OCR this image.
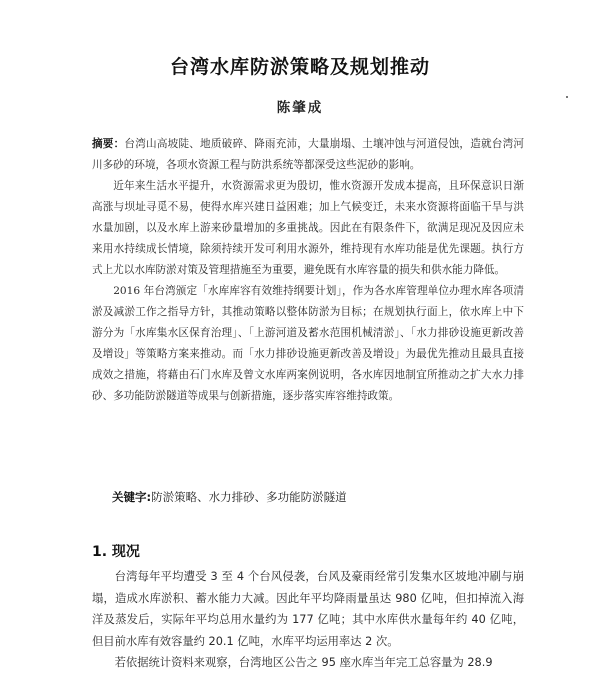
台湾水库防淤策略及规划推动
陈肇成

摘要：台湾山高坡陡、地质破碎、降雨充沛，大量崩塌、土壤冲蚀与河道侵蚀，造就台湾河川多砂的环境，各项水资源工程与防洪系统等都深受这些泥砂的影响。

近年来生活水平提升，水资源需求更为殷切，惟水资源开发成本提高，且环保意识日渐高涨与坝址寻觅不易，使得水库兴建日益困难；加上气候变迁，未来水资源将面临干旱与洪水量加剧，以及水库上游来砂量增加的多重挑战。因此在有限条件下，欲满足现况及因应未来用水持续成长情境，除须持续开发可利用水源外，维持现有水库功能是优先课题。执行方式上尤以水库防淤对策及管理措施至为重要，避免既有水库容量的损失和供水能力降低。

2016 年台湾颁定「水库库容有效维持纲要计划」，作为各水库管理单位办理水库各项清淤及减淤工作之指导方针，其推动策略以整体防淤为目标；在规划执行面上，依水库上中下游分为「水库集水区保育治理」、「上游河道及蓄水范围机械清淤」、「水力排砂设施更新改善及增设」等策略方案来推动。而「水力排砂设施更新改善及增设」为最优先推动且最具直接成效之措施，将藉由石门水库及曾文水库两案例说明，各水库因地制宜所推动之扩大水力排砂、多功能防淤隧道等成果与创新措施，逐步落实库容维持政策。

关键字:防淤策略、水力排砂、多功能防淤隧道
1. 现况

台湾每年平均遭受 3 至 4 个台风侵袭，台风及豪雨经常引发集水区坡地冲刷与崩塌，造成水库淤积、蓄水能力大减。因此年平均降雨量虽达 980 亿吨，但扣掉流入海洋及蒸发后，实际年平均总用水量约为 177 亿吨；其中水库供水量每年约 40 亿吨，但目前水库有效容量约 20.1 亿吨，水库平均运用率达 2 次。

若依据统计资料来观察，台湾地区公告之 95 座水库当年完工总容量为 28.9
